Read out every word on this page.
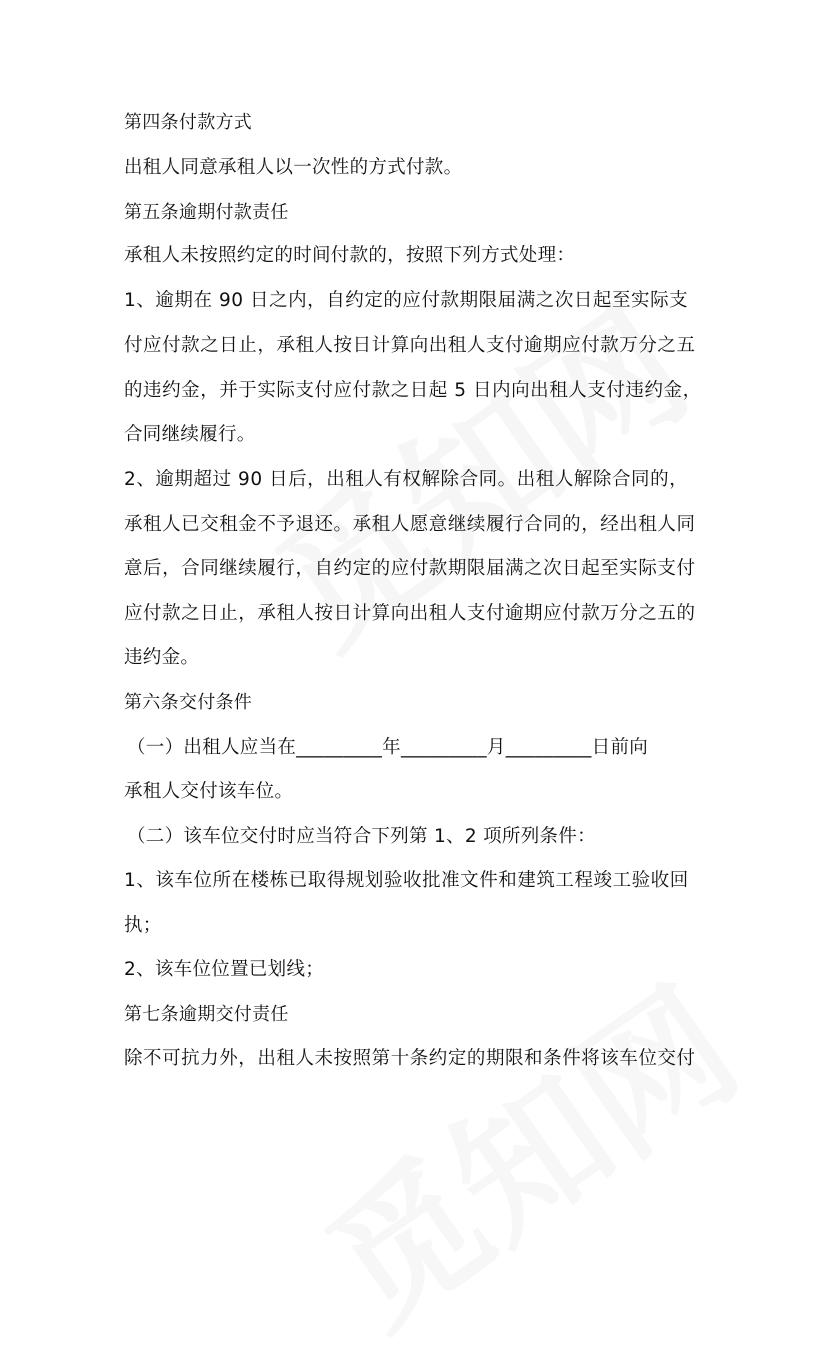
第四条付款方式
出租人同意承租人以一次性的方式付款。
第五条逾期付款责任
承租人未按照约定的时间付款的，按照下列方式处理：
1、逾期在 90 日之内，自约定的应付款期限届满之次日起至实际支
付应付款之日止，承租人按日计算向出租人支付逾期应付款万分之五
的违约金，并于实际支付应付款之日起 5 日内向出租人支付违约金，
合同继续履行。
2、逾期超过 90 日后，出租人有权解除合同。出租人解除合同的，
承租人已交租金不予退还。承租人愿意继续履行合同的，经出租人同
意后，合同继续履行，自约定的应付款期限届满之次日起至实际支付
应付款之日止，承租人按日计算向出租人支付逾期应付款万分之五的
违约金。
第六条交付条件
（一）出租人应当在_________年_________月_________日前向
承租人交付该车位。
（二）该车位交付时应当符合下列第 1、2 项所列条件：
1、该车位所在楼栋已取得规划验收批准文件和建筑工程竣工验收回
执；
2、该车位位置已划线；
第七条逾期交付责任
除不可抗力外，出租人未按照第十条约定的期限和条件将该车位交付
